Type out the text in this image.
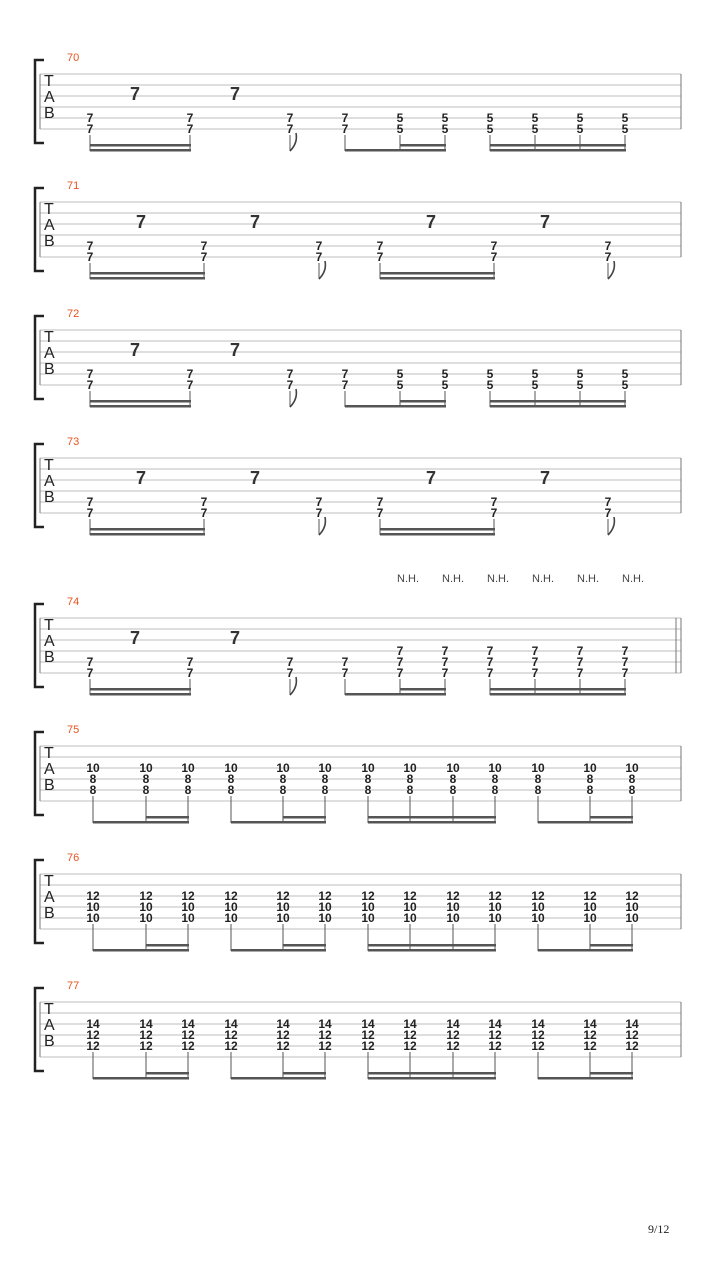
T
A
B
70
7	7
7
7
7
7
7
7
7
7
5
5
5
5
5
5
5
5
5
5
5
5
T
A
B
71
7	7	7	7
7
7
7
7
7
7
7
7
7
7
7
7
T
A
B
72
7	7
7
7
7
7
7
7
7
7
5
5
5
5
5
5
5
5
5
5
5
5
T
A
B
73
7	7	7	7
7
7
7
7
7
7
7
7
7
7
7
7
T
A
B
74
7	7
7
7
7
7
7
7
7
7
7
7
7
N.H.
7
7
7
N.H.
7
7
7
N.H.
7
7
7
N.H.
7
7
7
N.H.
7
7
7
N.H.
T
A
B
75
10
8
8
10
8
8
10
8
8
10
8
8
10
8
8
10
8
8
10
8
8
10
8
8
10
8
8
10
8
8
10
8
8
10
8
8
10
8
8
T
A
B
76
12
10
10
12
10
10
12
10
10
12
10
10
12
10
10
12
10
10
12
10
10
12
10
10
12
10
10
12
10
10
12
10
10
12
10
10
12
10
10
T
A
B
77
14
12
12
14
12
12
14
12
12
14
12
12
14
12
12
14
12
12
14
12
12
14
12
12
14
12
12
14
12
12
14
12
12
14
12
12
14
12
12
9/12
